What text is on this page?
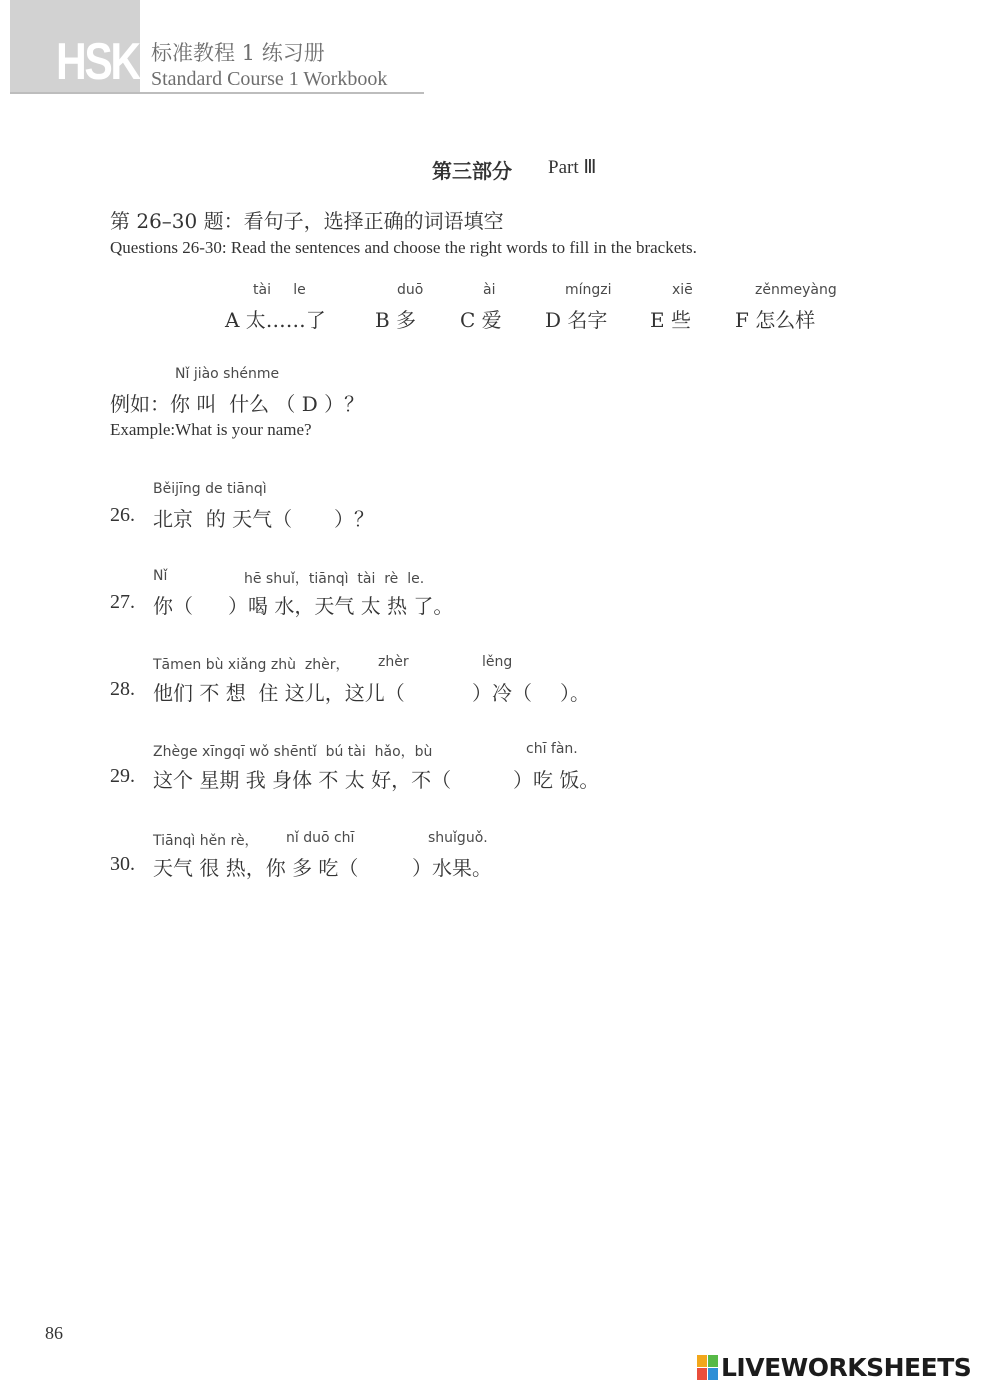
HSK 标准教程 1 练习册
Standard Course 1 Workbook
第三部分 Part Ⅲ
第 26–30 题：看句子，选择正确的词语填空
Questions 26-30: Read the sentences and choose the right words to fill in the brackets.
tài     le
A 太……了
duō
B 多
ài
C 爱
míngzi
D 名字
xiē
E 些
zěnmeyàng
F 怎么样
Nǐ jiào shénme
例如：你 叫  什么 （ D ）？
Example:What is your name?
Běijīng de tiānqì
26. 北京  的 天气（ ）？
Nǐ	hē shuǐ，tiānqì  tài  rè  le.
27. 你（ ）喝 水，天气 太 热 了。
Tāmen bù xiǎng zhù  zhèr， zhèr	lěng
28. 他们 不 想  住 这儿，这儿（	）冷（ ）。
Zhège xīngqī wǒ shēntǐ  bú tài  hǎo，bù	chī fàn.
29. 这个 星期 我 身体 不 太 好，不（	）吃 饭。
Tiānqì hěn rè， nǐ duō chī	shuǐguǒ.
30. 天气 很 热，你 多 吃（	）水果。
86
LIVEWORKSHEETS
